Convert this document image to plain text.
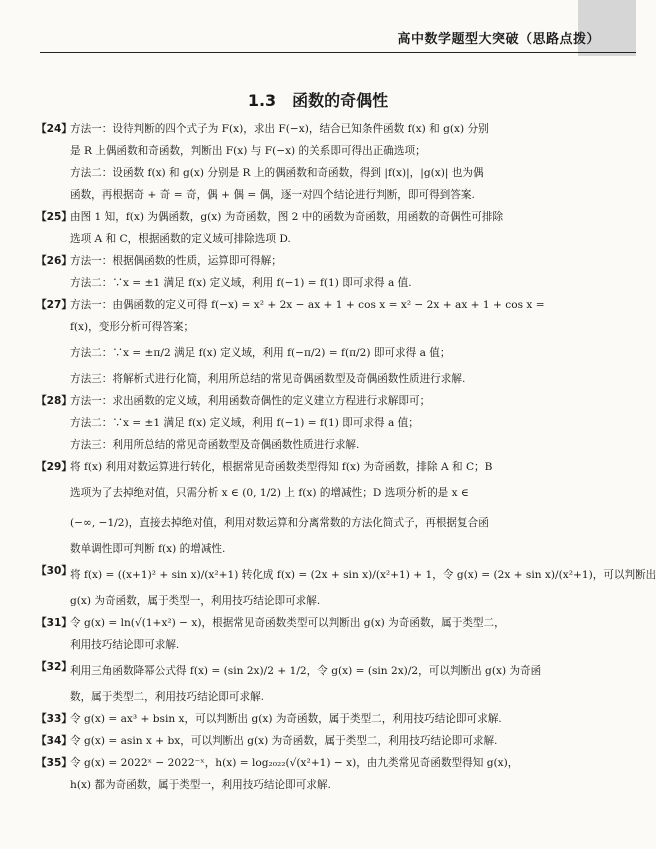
高中数学题型大突破（思路点拨）
1.3 函数的奇偶性
【24】
方法一：设待判断的四个式子为 F(x)，求出 F(−x)，结合已知条件函数 f(x) 和 g(x) 分别
是 R 上偶函数和奇函数，判断出 F(x) 与 F(−x) 的关系即可得出正确选项；
方法二：设函数 f(x) 和 g(x) 分别是 R 上的偶函数和奇函数，得到 |f(x)|，|g(x)| 也为偶
函数，再根据奇 + 奇 = 奇，偶 + 偶 = 偶，逐一对四个结论进行判断，即可得到答案.
【25】
由图 1 知，f(x) 为偶函数，g(x) 为奇函数，图 2 中的函数为奇函数，用函数的奇偶性可排除
选项 A 和 C，根据函数的定义域可排除选项 D.
【26】
方法一：根据偶函数的性质，运算即可得解；
方法二：∵x = ±1 满足 f(x) 定义域，利用 f(−1) = f(1) 即可求得 a 值.
【27】
方法一：由偶函数的定义可得 f(−x) = x² + 2x − ax + 1 + cos x = x² − 2x + ax + 1 + cos x =
f(x)，变形分析可得答案；
方法二：∵x = ±π/2 满足 f(x) 定义域，利用 f(−π/2) = f(π/2) 即可求得 a 值；
方法三：将解析式进行化简，利用所总结的常见奇偶函数型及奇偶函数性质进行求解.
【28】
方法一：求出函数的定义域，利用函数奇偶性的定义建立方程进行求解即可；
方法二：∵x = ±1 满足 f(x) 定义域，利用 f(−1) = f(1) 即可求得 a 值；
方法三：利用所总结的常见奇函数型及奇偶函数性质进行求解.
【29】
将 f(x) 利用对数运算进行转化，根据常见奇函数类型得知 f(x) 为奇函数，排除 A 和 C；B
选项为了去掉绝对值，只需分析 x ∈ (0, 1/2) 上 f(x) 的增减性；D 选项分析的是 x ∈
(−∞, −1/2)，直接去掉绝对值，利用对数运算和分离常数的方法化简式子，再根据复合函
数单调性即可判断 f(x) 的增减性.
【30】
将 f(x) = ((x+1)² + sin x)/(x²+1) 转化成 f(x) = (2x + sin x)/(x²+1) + 1，令 g(x) = (2x + sin x)/(x²+1)，可以判断出
g(x) 为奇函数，属于类型一，利用技巧结论即可求解.
【31】
令 g(x) = ln(√(1+x²) − x)，根据常见奇函数类型可以判断出 g(x) 为奇函数，属于类型二，
利用技巧结论即可求解.
【32】
利用三角函数降幂公式得 f(x) = (sin 2x)/2 + 1/2，令 g(x) = (sin 2x)/2，可以判断出 g(x) 为奇函
数，属于类型二，利用技巧结论即可求解.
【33】
令 g(x) = ax³ + bsin x，可以判断出 g(x) 为奇函数，属于类型二，利用技巧结论即可求解.
【34】
令 g(x) = asin x + bx，可以判断出 g(x) 为奇函数，属于类型二，利用技巧结论即可求解.
【35】
令 g(x) = 2022ˣ − 2022⁻ˣ，h(x) = log₂₀₂₂(√(x²+1) − x)，由九类常见奇函数型得知 g(x)，
h(x) 都为奇函数，属于类型一，利用技巧结论即可求解.
